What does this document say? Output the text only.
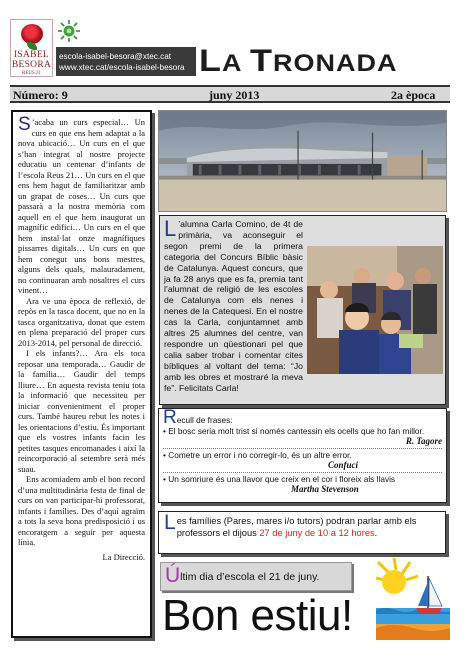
ISABEL
BESORA
REUS 21
escola-isabel-besora@xtec.cat
www.xtec.cat/escola-isabel-besora LA TRONADA
Número: 9	juny 2013	2a època

S ’acaba un curs especial… Un curs en que ens hem adaptat a la nova ubicació… Un curs en el que s’han integrat al nostre projecte educatiu un centenar d’infants de l’escola Reus 21… Un curs en el que ens hem hagut de familiaritzar amb un grapat de coses… Un curs que passarà a la nostra memòria com aquell en el que hem inaugurat un magnífic edifici… Un curs en el que hem instal·lat onze magnífiques pissarres digitals… Un curs en que hem conegut uns bons mestres, alguns dels quals, malauradament, no continuaran amb nosaltres el curs vinent…

Ara ve una època de reflexió, de repòs en la tasca docent, que no en la tasca organitzativa, donat que estem en plena preparació del proper curs 2013-2014, pel personal de direcció.

I els infants?… Ara els toca reposar una temporada… Gaudir de la família… Gaudir del temps lliure… En aquesta revista teniu tota la informació que necessiteu per iniciar convenientment el proper curs. També haureu rebut les notes i les orientacions d’estiu. És important que els vostres infants facin les petites tasques encomanades i així la reincorporació al setembre serà més suau.

Ens acomiadem amb el bon record d’una multitudinària festa de final de curs on van participar-hi professorat, infants i famílies. Des d’aquí agraïm a tots la seva bona predisposició i us encoratgem a seguir per aquesta línia.

La Direcció.

L ’alumna Carla Comino, de 4t de primària, va aconseguir el segon premi de la primera categoria del Concurs Bíblic bàsic de Catalunya. Aquest concurs, que ja fa 28 anys que es fa, premia tant l’alumnat de religió de les escoles de Catalunya com els nenes i nenes de la Catequesi. En el nostre cas la Carla, conjuntamnet amb altres 25 alumnes del centre, van respondre un qüestionari pel que calia saber trobar i comentar cites bíbliques al voltant del tema: “Jo amb les obres et mostraré la meva fe”. Felicitats Carla!
Recull de frases:
• El bosc seria molt trist si només cantessin els ocells que ho fan millor.
R. Tagore
• Cometre un error i no corregir-lo, és un altre error.
Confuci
• Un somriure és una llavor que creix en el cor i floreix als llavis
Martha Stevenson
Les famílies (Pares, mares i/o tutors) podran parlar amb els professors el dijous 27 de juny de 10 a 12 hores.
Últim dia d’escola el 21 de juny.
Bon estiu!
